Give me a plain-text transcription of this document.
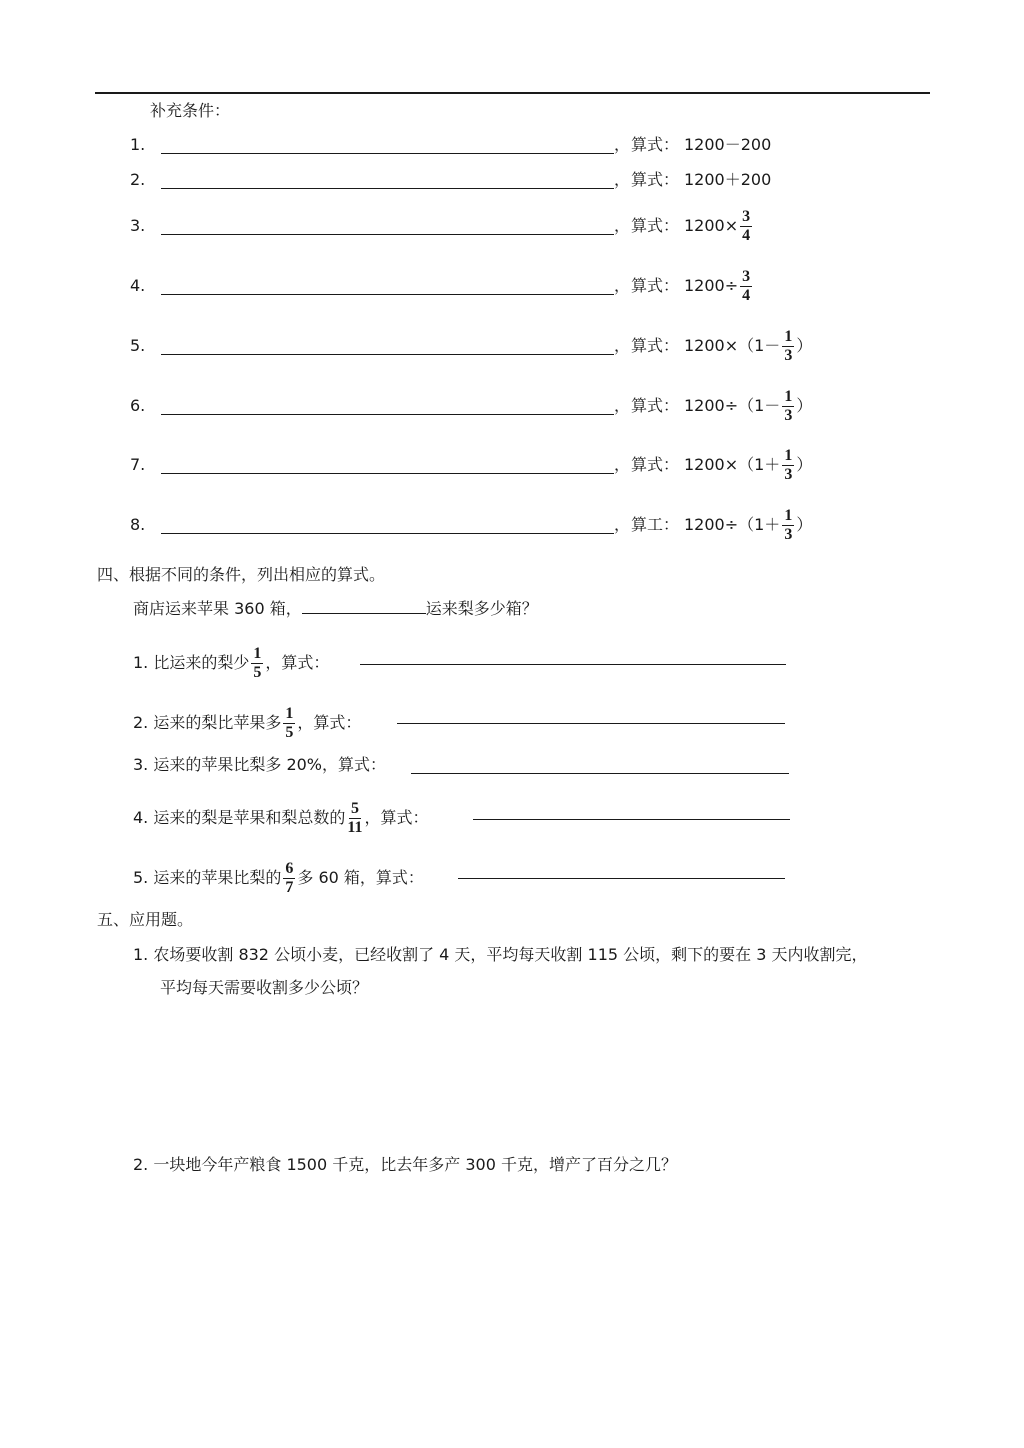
补充条件：
1.	， 算式： 1200－200
2.	， 算式： 1200＋200
3.	， 算式： $1200\times \frac{3}{4}$
4.	， 算式： $1200\div \frac{3}{4}$
5.	， 算式： $1200\times(1- \frac{1}{3}$ ）
6.	， 算式： $1200\div(1- \frac{1}{3}$ ）
7.	， 算式： $1200\times(1+ \frac{1}{3}$ ）
8.	， 算工： $1200\div(1+ \frac{1}{3}$ ）
四、根据不同的条件，列出相应的算式。
商店运来苹果 360 箱，	运来梨多少箱？
1. 比运来的梨少 $\frac{1}{5}$ ，算式：
2. 运来的梨比苹果多 $\frac{1}{5}$ ，算式：
3. 运来的苹果比梨多 20%，算式：
4. 运来的梨是苹果和梨总数的 $\frac{5}{11}$ ，算式：
5. 运来的苹果比梨的 $\frac{6}{7}$ 多 60 箱，算式：
五、应用题。
1. 农场要收割 832 公顷小麦，已经收割了 4 天，平均每天收割 115 公顷，剩下的要在 3 天内收割完，
平均每天需要收割多少公顷？
2. 一块地今年产粮食 1500 千克，比去年多产 300 千克，增产了百分之几？
